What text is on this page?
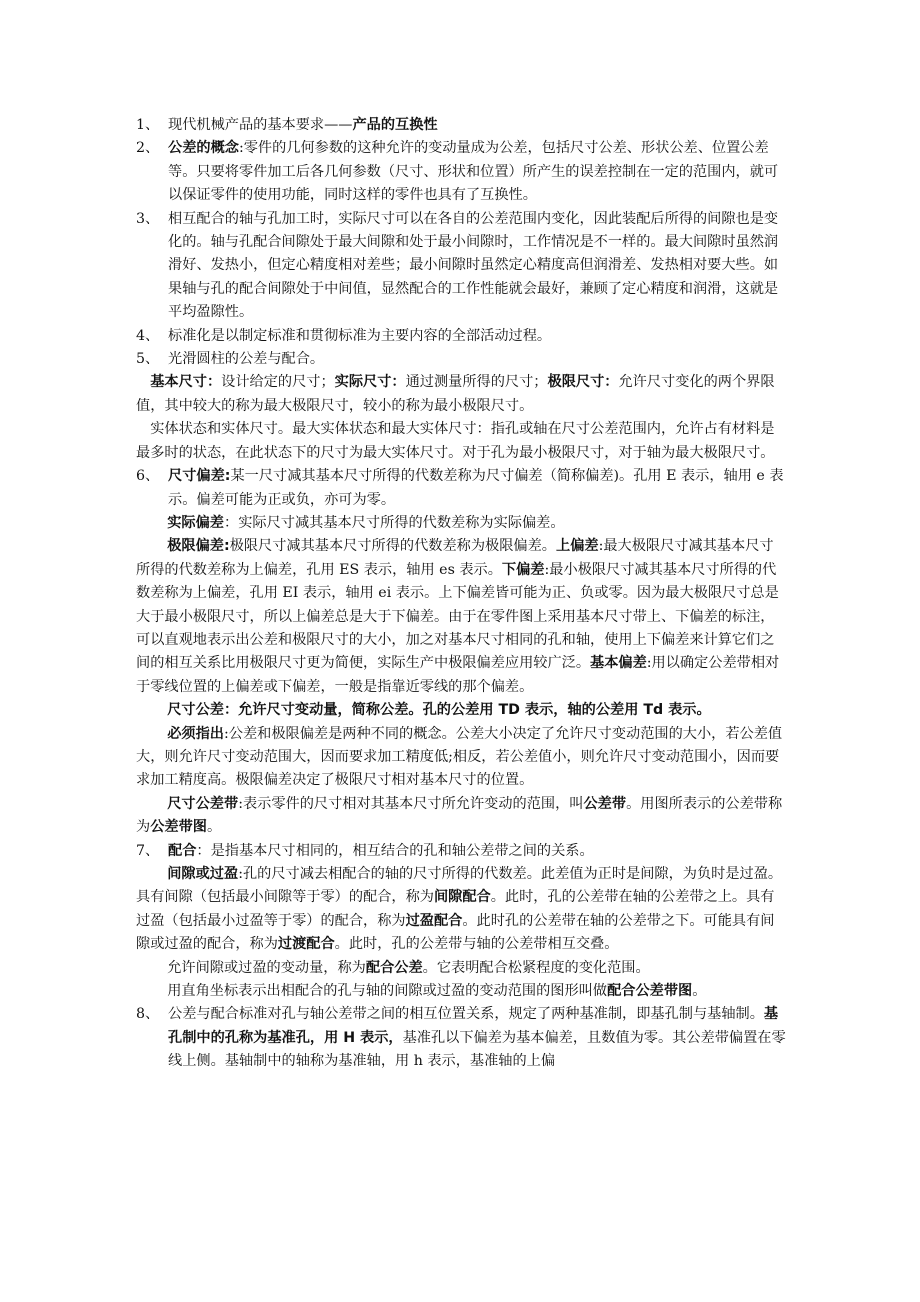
1、 现代机械产品的基本要求——产品的互换性
2、 公差的概念:零件的几何参数的这种允许的变动量成为公差，包括尺寸公差、形状公差、位置公差等。只要将零件加工后各几何参数（尺寸、形状和位置）所产生的误差控制在一定的范围内，就可以保证零件的使用功能，同时这样的零件也具有了互换性。
3、 相互配合的轴与孔加工时，实际尺寸可以在各自的公差范围内变化，因此装配后所得的间隙也是变化的。轴与孔配合间隙处于最大间隙和处于最小间隙时，工作情况是不一样的。最大间隙时虽然润滑好、发热小，但定心精度相对差些；最小间隙时虽然定心精度高但润滑差、发热相对要大些。如果轴与孔的配合间隙处于中间值，显然配合的工作性能就会最好，兼顾了定心精度和润滑，这就是平均盈隙性。
4、 标准化是以制定标准和贯彻标准为主要内容的全部活动过程。
5、 光滑圆柱的公差与配合。
基本尺寸：设计给定的尺寸；实际尺寸：通过测量所得的尺寸；极限尺寸：允许尺寸变化的两个界限值，其中较大的称为最大极限尺寸，较小的称为最小极限尺寸。
实体状态和实体尺寸。最大实体状态和最大实体尺寸：指孔或轴在尺寸公差范围内，允许占有材料是最多时的状态，在此状态下的尺寸为最大实体尺寸。对于孔为最小极限尺寸，对于轴为最大极限尺寸。
6、 尺寸偏差:某一尺寸减其基本尺寸所得的代数差称为尺寸偏差（简称偏差)。孔用 E 表示，轴用 e 表示。偏差可能为正或负，亦可为零。
实际偏差：实际尺寸减其基本尺寸所得的代数差称为实际偏差。
极限偏差:极限尺寸减其基本尺寸所得的代数差称为极限偏差。上偏差:最大极限尺寸减其基本尺寸所得的代数差称为上偏差，孔用 ES 表示，轴用 es 表示。下偏差:最小极限尺寸减其基本尺寸所得的代数差称为上偏差，孔用 EI 表示，轴用 ei 表示。上下偏差皆可能为正、负或零。因为最大极限尺寸总是大于最小极限尺寸，所以上偏差总是大于下偏差。由于在零件图上采用基本尺寸带上、下偏差的标注，可以直观地表示出公差和极限尺寸的大小，加之对基本尺寸相同的孔和轴，使用上下偏差来计算它们之间的相互关系比用极限尺寸更为简便，实际生产中极限偏差应用较广泛。基本偏差:用以确定公差带相对于零线位置的上偏差或下偏差，一般是指靠近零线的那个偏差。
尺寸公差：允许尺寸变动量，简称公差。孔的公差用 TD 表示，轴的公差用 Td 表示。
必须指出:公差和极限偏差是两种不同的概念。公差大小决定了允许尺寸变动范围的大小，若公差值大，则允许尺寸变动范围大，因而要求加工精度低;相反，若公差值小，则允许尺寸变动范围小，因而要求加工精度高。极限偏差决定了极限尺寸相对基本尺寸的位置。
尺寸公差带:表示零件的尺寸相对其基本尺寸所允许变动的范围，叫公差带。用图所表示的公差带称为公差带图。
7、 配合：是指基本尺寸相同的，相互结合的孔和轴公差带之间的关系。
间隙或过盈:孔的尺寸减去相配合的轴的尺寸所得的代数差。此差值为正时是间隙，为负时是过盈。具有间隙（包括最小间隙等于零）的配合，称为间隙配合。此时，孔的公差带在轴的公差带之上。具有过盈（包括最小过盈等于零）的配合，称为过盈配合。此时孔的公差带在轴的公差带之下。可能具有间隙或过盈的配合，称为过渡配合。此时，孔的公差带与轴的公差带相互交叠。
允许间隙或过盈的变动量，称为配合公差。它表明配合松紧程度的变化范围。
用直角坐标表示出相配合的孔与轴的间隙或过盈的变动范围的图形叫做配合公差带图。
8、 公差与配合标准对孔与轴公差带之间的相互位置关系，规定了两种基准制，即基孔制与基轴制。基孔制中的孔称为基准孔，用 H 表示，基准孔以下偏差为基本偏差，且数值为零。其公差带偏置在零线上侧。基轴制中的轴称为基准轴，用 h 表示，基准轴的上偏
